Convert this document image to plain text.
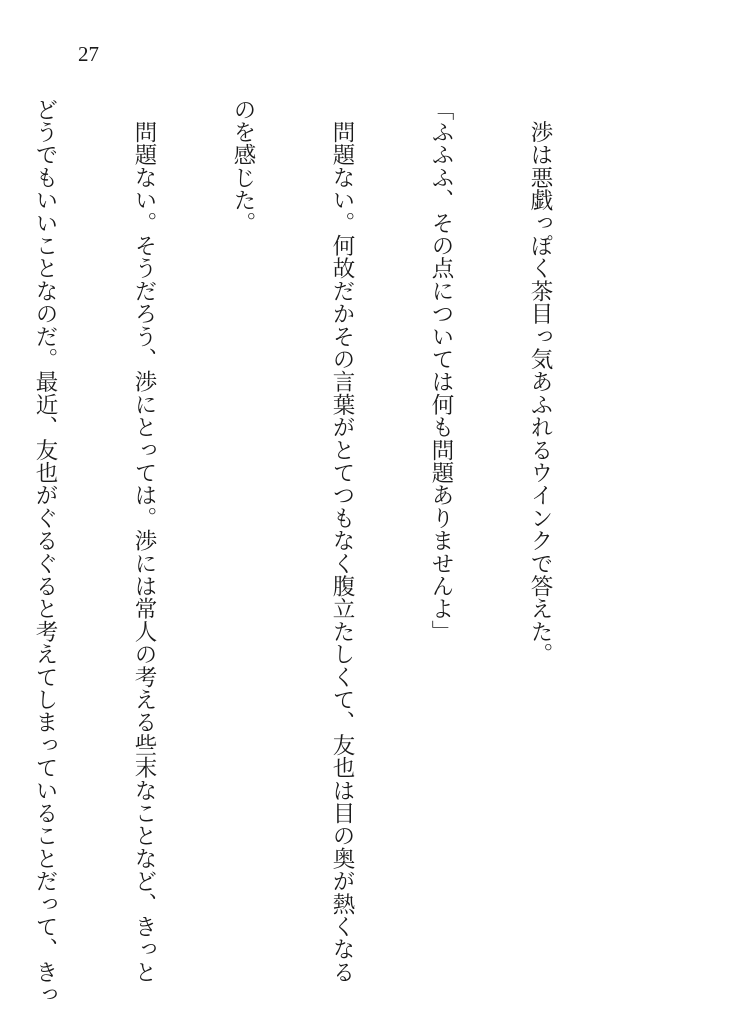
27

　渉は悪戯っぽく茶目っ気あふれるウインクで答えた。

「ふふふ、その点については何も問題ありませんよ」

　問題ない。何故だかその言葉がとてつもなく腹立たしくて、友也は目の奥が熱くなる

のを感じた。

　問題ない。そうだろう、渉にとっては。渉には常人の考える些末なことなど、きっと

どうでもいいことなのだ。最近、友也がぐるぐると考えてしまっていることだって、きっ
